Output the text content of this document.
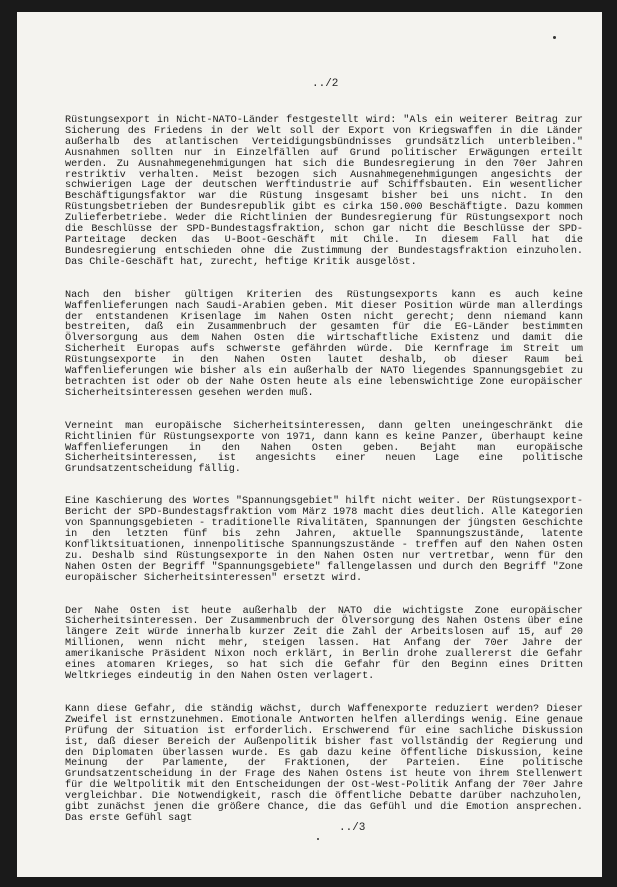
../2

Rüstungsexport in Nicht-NATO-Länder festgestellt wird: "Als ein weiterer Beitrag zur Sicherung des Friedens in der Welt soll der Export von Kriegswaffen in die Länder außerhalb des atlantischen Verteidigungsbündnisses grundsätzlich unterbleiben." Ausnahmen sollten nur in Einzelfällen auf Grund politischer Erwägungen erteilt werden. Zu Ausnahmegenehmigungen hat sich die Bundesregierung in den 70er Jahren restriktiv verhalten. Meist bezogen sich Ausnahmegenehmigungen angesichts der schwierigen Lage der deutschen Werftindustrie auf Schiffsbauten. Ein wesentlicher Beschäftigungsfaktor war die Rüstung insgesamt bisher bei uns nicht. In den Rüstungsbetrieben der Bundesrepublik gibt es cirka 150.000 Beschäftigte. Dazu kommen Zulieferbetriebe. Weder die Richtlinien der Bundesregierung für Rüstungsexport noch die Beschlüsse der SPD-Bundestagsfraktion, schon gar nicht die Beschlüsse der SPD-Parteitage decken das U-Boot-Geschäft mit Chile. In diesem Fall hat die Bundesregierung entschieden ohne die Zustimmung der Bundestagsfraktion einzuholen. Das Chile-Geschäft hat, zurecht, heftige Kritik ausgelöst.

Nach den bisher gültigen Kriterien des Rüstungsexports kann es auch keine Waffenlieferungen nach Saudi-Arabien geben. Mit dieser Position würde man allerdings der entstandenen Krisenlage im Nahen Osten nicht gerecht; denn niemand kann bestreiten, daß ein Zusammenbruch der gesamten für die EG-Länder bestimmten Ölversorgung aus dem Nahen Osten die wirtschaftliche Existenz und damit die Sicherheit Europas aufs schwerste gefährden würde. Die Kernfrage im Streit um Rüstungsexporte in den Nahen Osten lautet deshalb, ob dieser Raum bei Waffenlieferungen wie bisher als ein außerhalb der NATO liegendes Spannungsgebiet zu betrachten ist oder ob der Nahe Osten heute als eine lebenswichtige Zone europäischer Sicherheitsinteressen gesehen werden muß.

Verneint man europäische Sicherheitsinteressen, dann gelten uneingeschränkt die Richtlinien für Rüstungsexporte von 1971, dann kann es keine Panzer, überhaupt keine Waffenlieferungen in den Nahen Osten geben. Bejaht man europäische Sicherheitsinteressen, ist angesichts einer neuen Lage eine politische Grundsatzentscheidung fällig.

Eine Kaschierung des Wortes "Spannungsgebiet" hilft nicht weiter. Der Rüstungsexport-Bericht der SPD-Bundestagsfraktion vom März 1978 macht dies deutlich. Alle Kategorien von Spannungsgebieten - traditionelle Rivalitäten, Spannungen der jüngsten Geschichte in den letzten fünf bis zehn Jahren, aktuelle Spannungszustände, latente Konfliktsituationen, innenpolitische Spannungszustände - treffen auf den Nahen Osten zu. Deshalb sind Rüstungsexporte in den Nahen Osten nur vertretbar, wenn für den Nahen Osten der Begriff "Spannungsgebiete" fallengelassen und durch den Begriff "Zone europäischer Sicherheitsinteressen" ersetzt wird.

Der Nahe Osten ist heute außerhalb der NATO die wichtigste Zone europäischer Sicherheitsinteressen. Der Zusammenbruch der Ölversorgung des Nahen Ostens über eine längere Zeit würde innerhalb kurzer Zeit die Zahl der Arbeitslosen auf 15, auf 20 Millionen, wenn nicht mehr, steigen lassen. Hat Anfang der 70er Jahre der amerikanische Präsident Nixon noch erklärt, in Berlin drohe zuallererst die Gefahr eines atomaren Krieges, so hat sich die Gefahr für den Beginn eines Dritten Weltkrieges eindeutig in den Nahen Osten verlagert.

Kann diese Gefahr, die ständig wächst, durch Waffenexporte reduziert werden? Dieser Zweifel ist ernstzunehmen. Emotionale Antworten helfen allerdings wenig. Eine genaue Prüfung der Situation ist erforderlich. Erschwerend für eine sachliche Diskussion ist, daß dieser Bereich der Außenpolitik bisher fast vollständig der Regierung und den Diplomaten überlassen wurde. Es gab dazu keine öffentliche Diskussion, keine Meinung der Parlamente, der Fraktionen, der Parteien. Eine politische Grundsatzentscheidung in der Frage des Nahen Ostens ist heute von ihrem Stellenwert für die Weltpolitik mit den Entscheidungen der Ost-West-Politik Anfang der 70er Jahre vergleichbar. Die Notwendigkeit, rasch die öffentliche Debatte darüber nachzuholen, gibt zunächst jenen die größere Chance, die das Gefühl und die Emotion ansprechen. Das erste Gefühl sagt

../3
